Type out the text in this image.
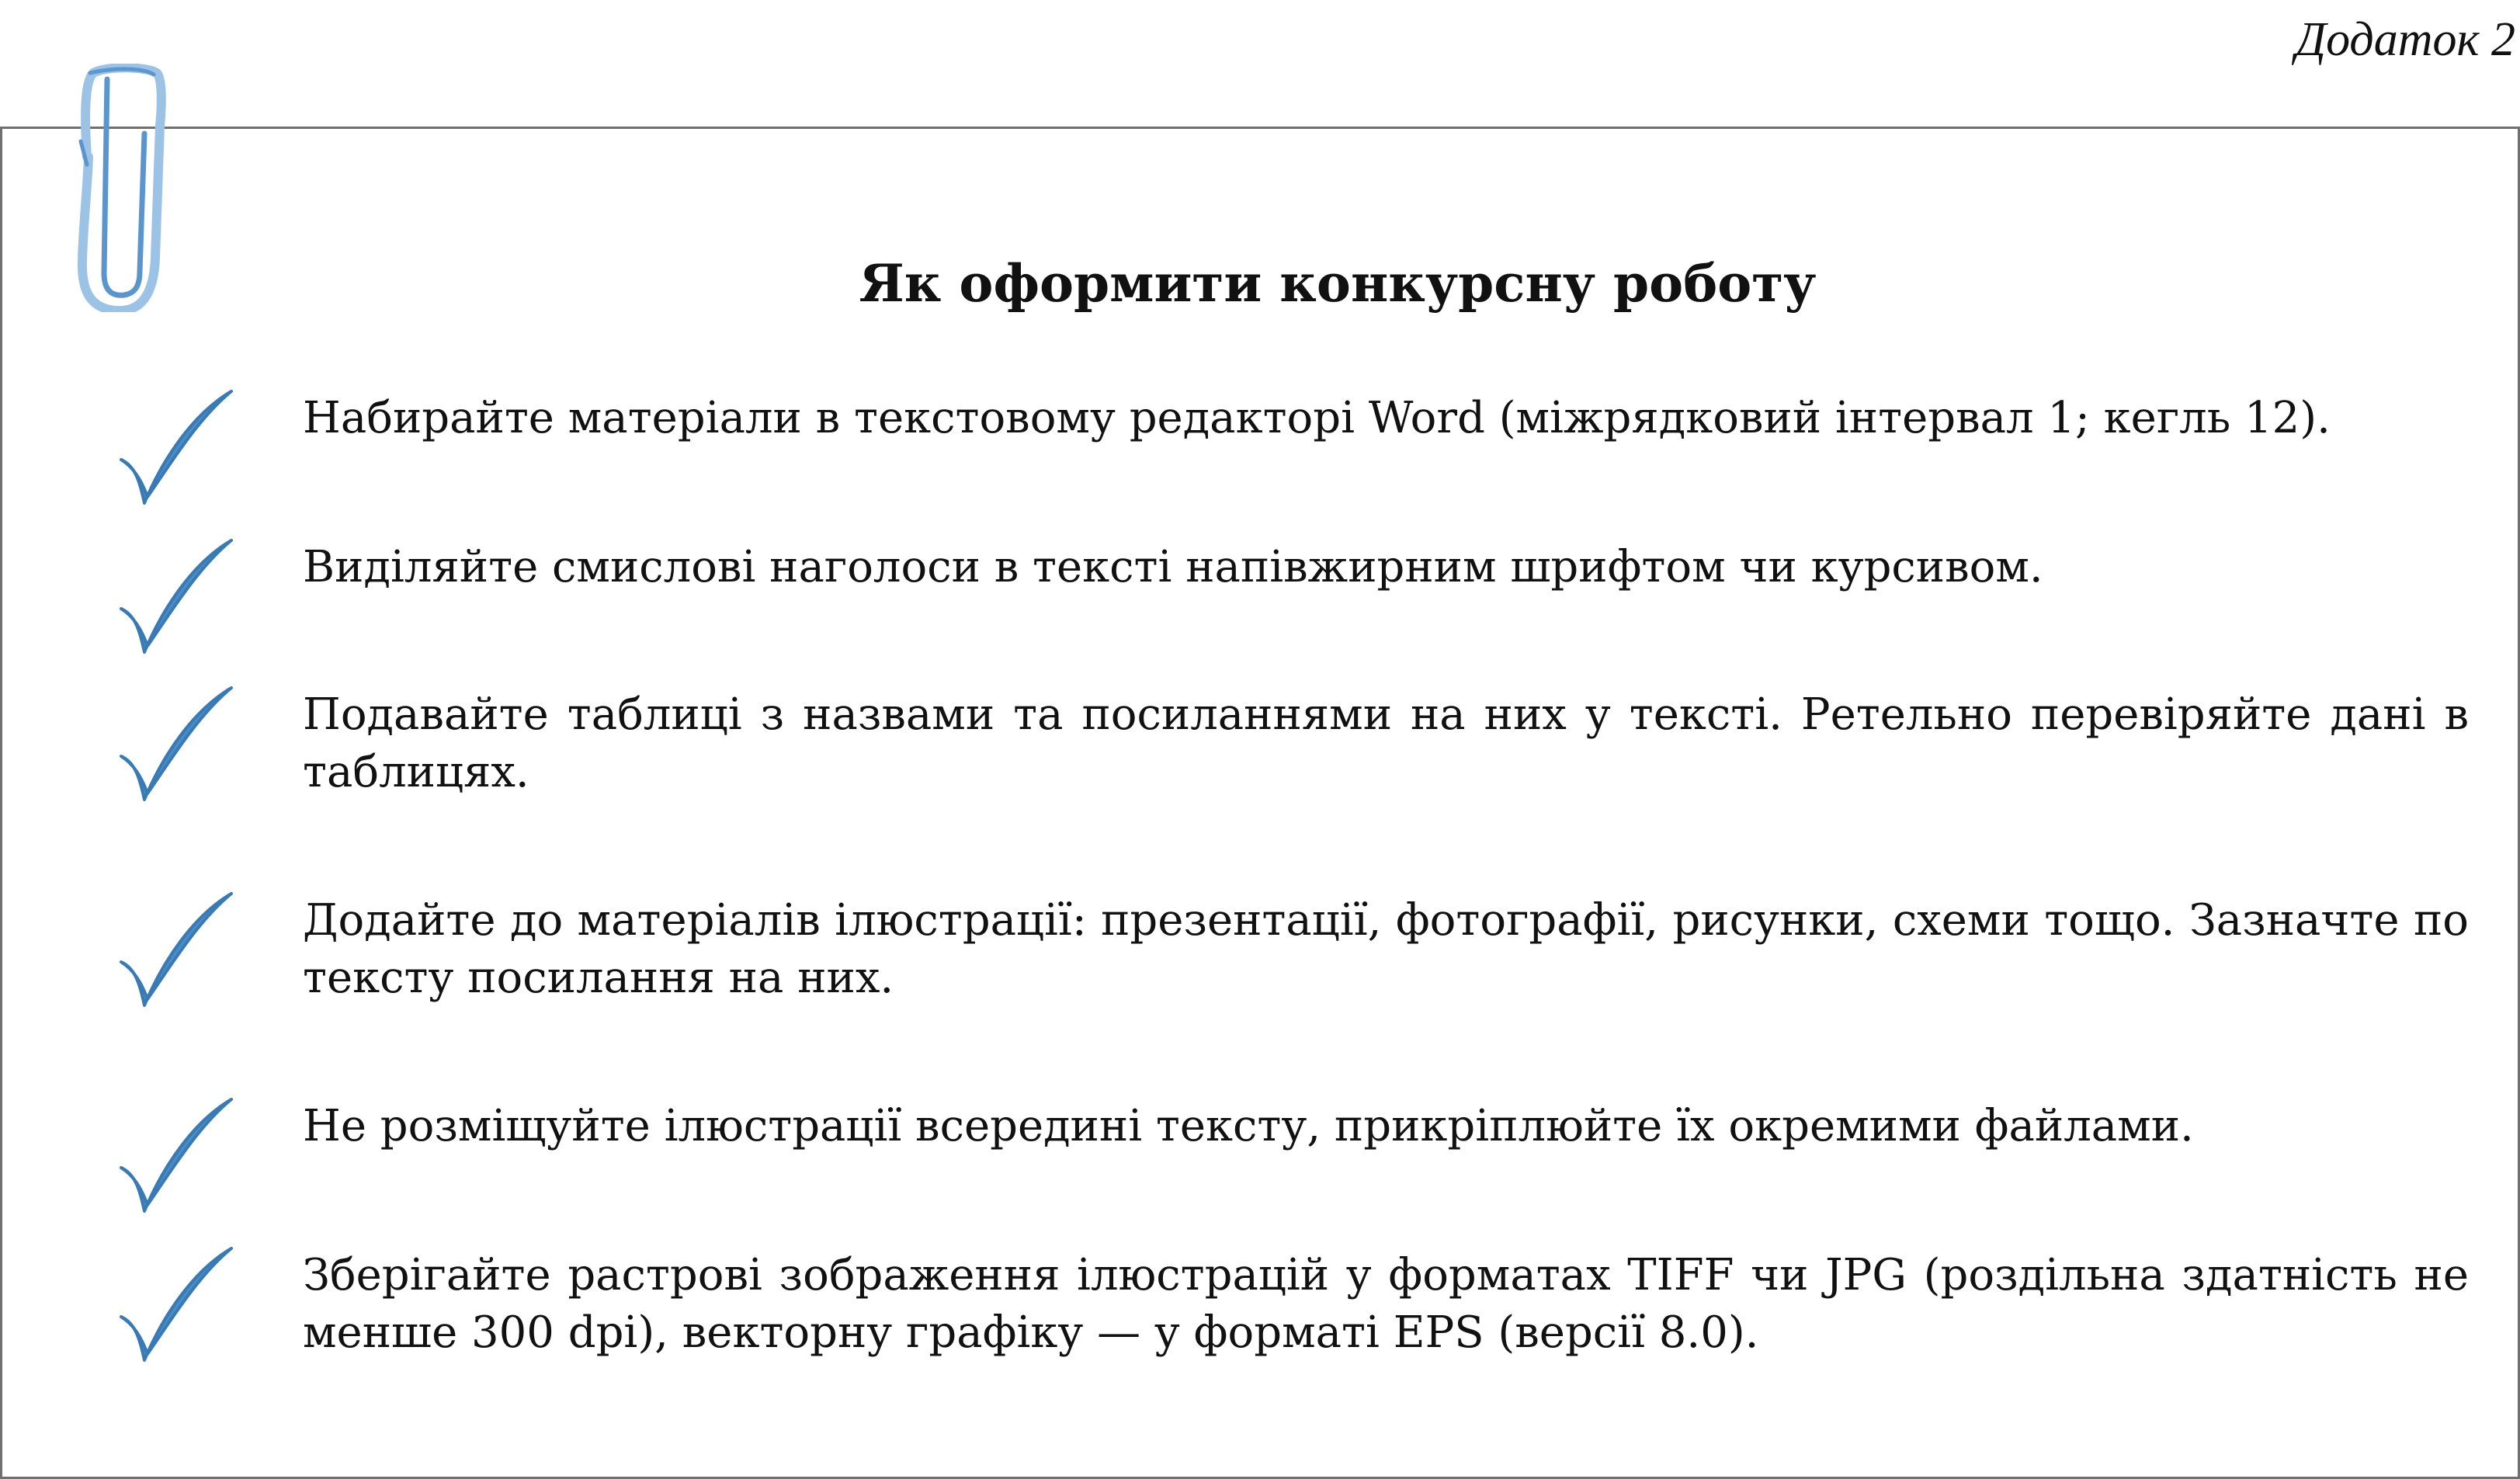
Додаток 2
Як оформити конкурсну роботу
Набирайте матеріали в текстовому редакторі Word (міжрядковий інтервал 1; кегль 12).
Виділяйте смислові наголоси в тексті напівжирним шрифтом чи курсивом.
Подавайте таблиці з назвами та посиланнями на них у тексті. Ретельно перевіряйте дані в таблицях.
Додайте до матеріалів ілюстрації: презентації, фотографії, рисунки, схеми тощо. Зазначте по тексту посилання на них.
Не розміщуйте ілюстрації всередині тексту, прикріплюйте їх окремими файлами.
Зберігайте растрові зображення ілюстрацій у форматах TIFF чи JPG (роздільна здатність не менше 300 dpi), векторну графіку — у форматі EPS (версії 8.0).
